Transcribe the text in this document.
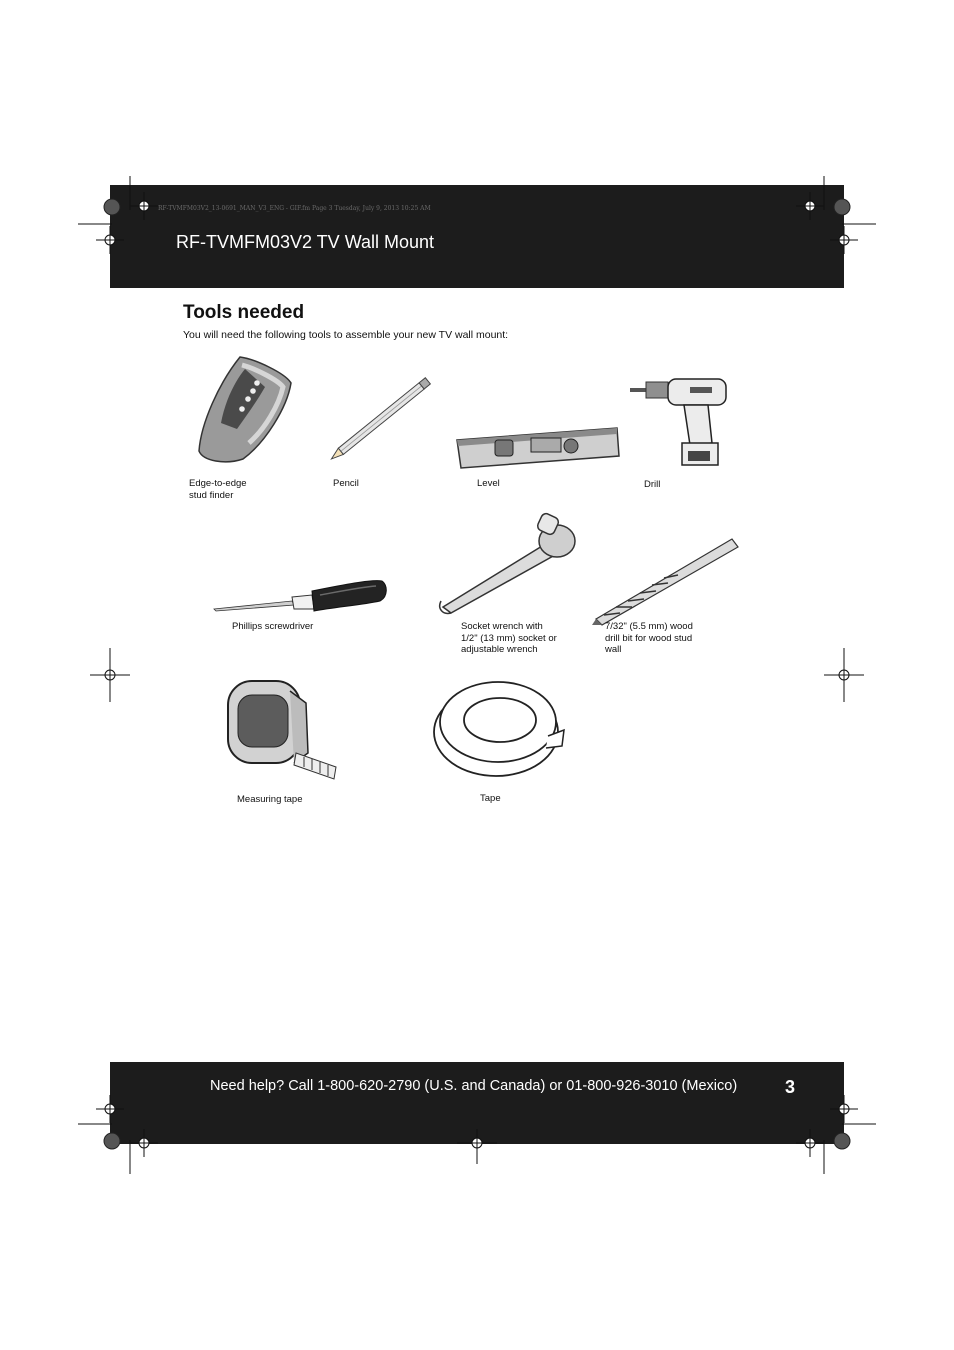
RF-TVMFM03V2_13-0691_MAN_V3_ENG - GIF.fm Page 3 Tuesday, July 9, 2013 10:25 AM
RF-TVMFM03V2 TV Wall Mount
Tools needed
You will need the following tools to assemble your new TV wall mount:
Edge-to-edge
stud finder
Pencil	Level	Drill
Phillips screwdriver	Socket wrench with
1/2" (13 mm) socket or
adjustable wrench
7/32" (5.5 mm) wood
drill bit for wood stud
wall
Measuring tape	Tape
Need help? Call 1-800-620-2790 (U.S. and Canada) or 01-800-926-3010 (Mexico)	3
